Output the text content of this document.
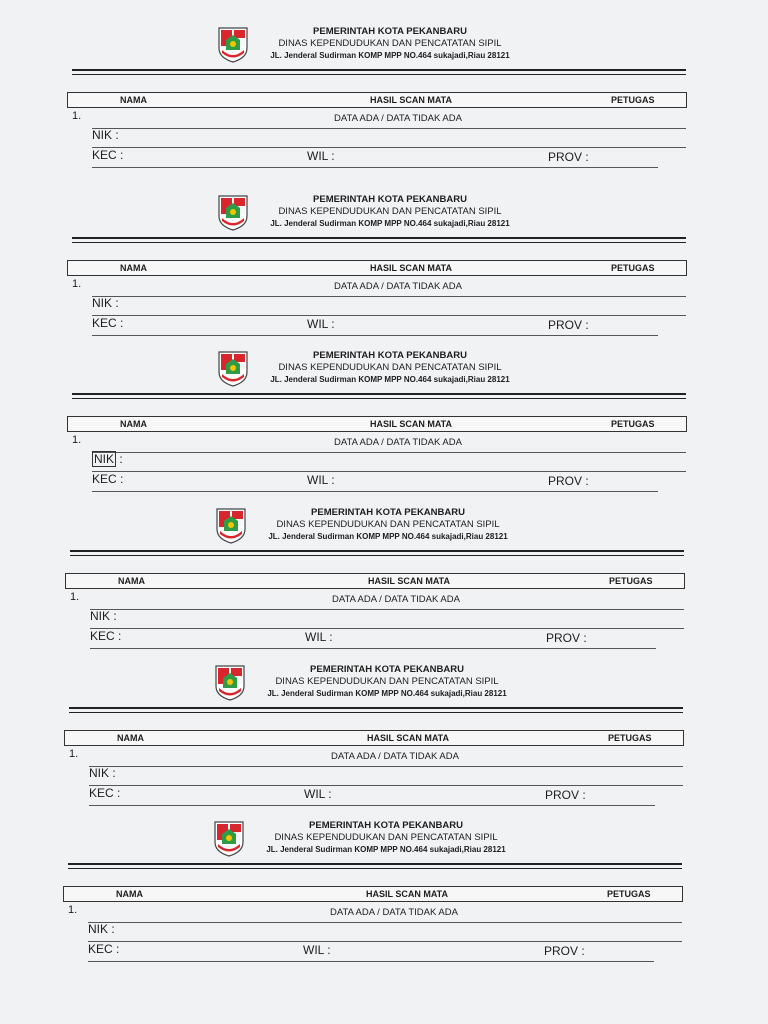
PEMERINTAH KOTA PEKANBARU
DINAS KEPENDUDUKAN DAN PENCATATAN SIPIL
JL. Jenderal Sudirman KOMP MPP NO.464 sukajadi,Riau 28121
NAMA	HASIL SCAN MATA	PETUGAS
1.	DATA ADA / DATA TIDAK ADA
NIK :
KEC :	WIL :	PROV :
PEMERINTAH KOTA PEKANBARU
DINAS KEPENDUDUKAN DAN PENCATATAN SIPIL
JL. Jenderal Sudirman KOMP MPP NO.464 sukajadi,Riau 28121
NAMA	HASIL SCAN MATA	PETUGAS
1.	DATA ADA / DATA TIDAK ADA
NIK :
KEC :	WIL :	PROV :
PEMERINTAH KOTA PEKANBARU
DINAS KEPENDUDUKAN DAN PENCATATAN SIPIL
JL. Jenderal Sudirman KOMP MPP NO.464 sukajadi,Riau 28121
NAMA	HASIL SCAN MATA	PETUGAS
1.	DATA ADA / DATA TIDAK ADA
NIK :
KEC :	WIL :	PROV :
PEMERINTAH KOTA PEKANBARU
DINAS KEPENDUDUKAN DAN PENCATATAN SIPIL
JL. Jenderal Sudirman KOMP MPP NO.464 sukajadi,Riau 28121
NAMA	HASIL SCAN MATA	PETUGAS
1.	DATA ADA / DATA TIDAK ADA
NIK :
KEC :	WIL :	PROV :
PEMERINTAH KOTA PEKANBARU
DINAS KEPENDUDUKAN DAN PENCATATAN SIPIL
JL. Jenderal Sudirman KOMP MPP NO.464 sukajadi,Riau 28121
NAMA	HASIL SCAN MATA	PETUGAS
1.	DATA ADA / DATA TIDAK ADA
NIK :
KEC :	WIL :	PROV :
PEMERINTAH KOTA PEKANBARU
DINAS KEPENDUDUKAN DAN PENCATATAN SIPIL
JL. Jenderal Sudirman KOMP MPP NO.464 sukajadi,Riau 28121
NAMA	HASIL SCAN MATA	PETUGAS
1.	DATA ADA / DATA TIDAK ADA
NIK :
KEC :	WIL :	PROV :
